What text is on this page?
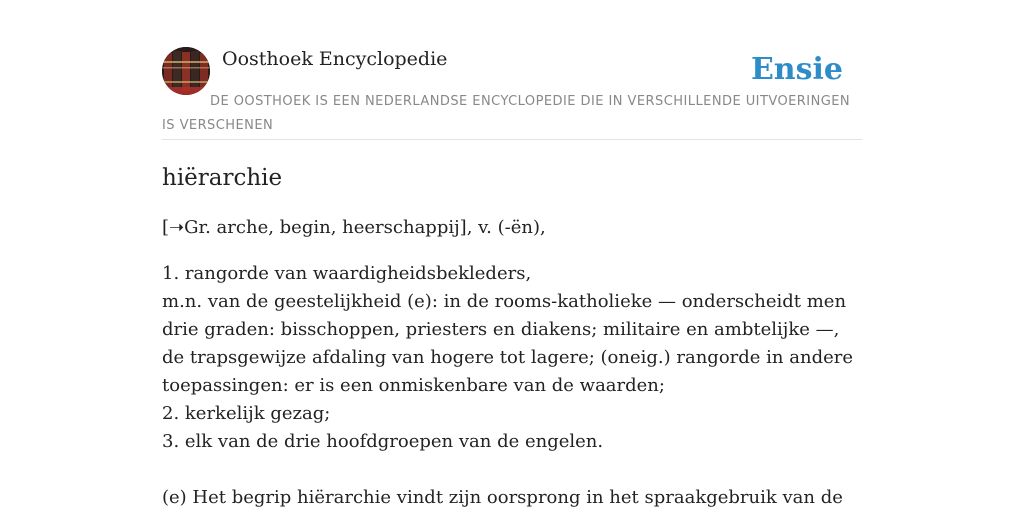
Oosthoek Encyclopedie	Ensie
DE OOSTHOEK IS EEN NEDERLANDSE ENCYCLOPEDIE DIE IN VERSCHILLENDE UITVOERINGEN IS VERSCHENEN
hiërarchie

[➝Gr. arche, begin, heerschappij], v. (-ën),

1. rangorde van waardigheidsbekleders,
m.n. van de geestelijkheid (e): in de rooms-katholieke — onderscheidt men drie graden: bisschoppen, priesters en diakens; militaire en ambtelijke —, de trapsgewijze afdaling van hogere tot lagere; (oneig.) rangorde in andere toepassingen: er is een onmiskenbare van de waarden;
2. kerkelijk gezag;
3. elk van de drie hoofdgroepen van de engelen.

(e) Het begrip hiërarchie vindt zijn oorsprong in het spraakgebruik van de
